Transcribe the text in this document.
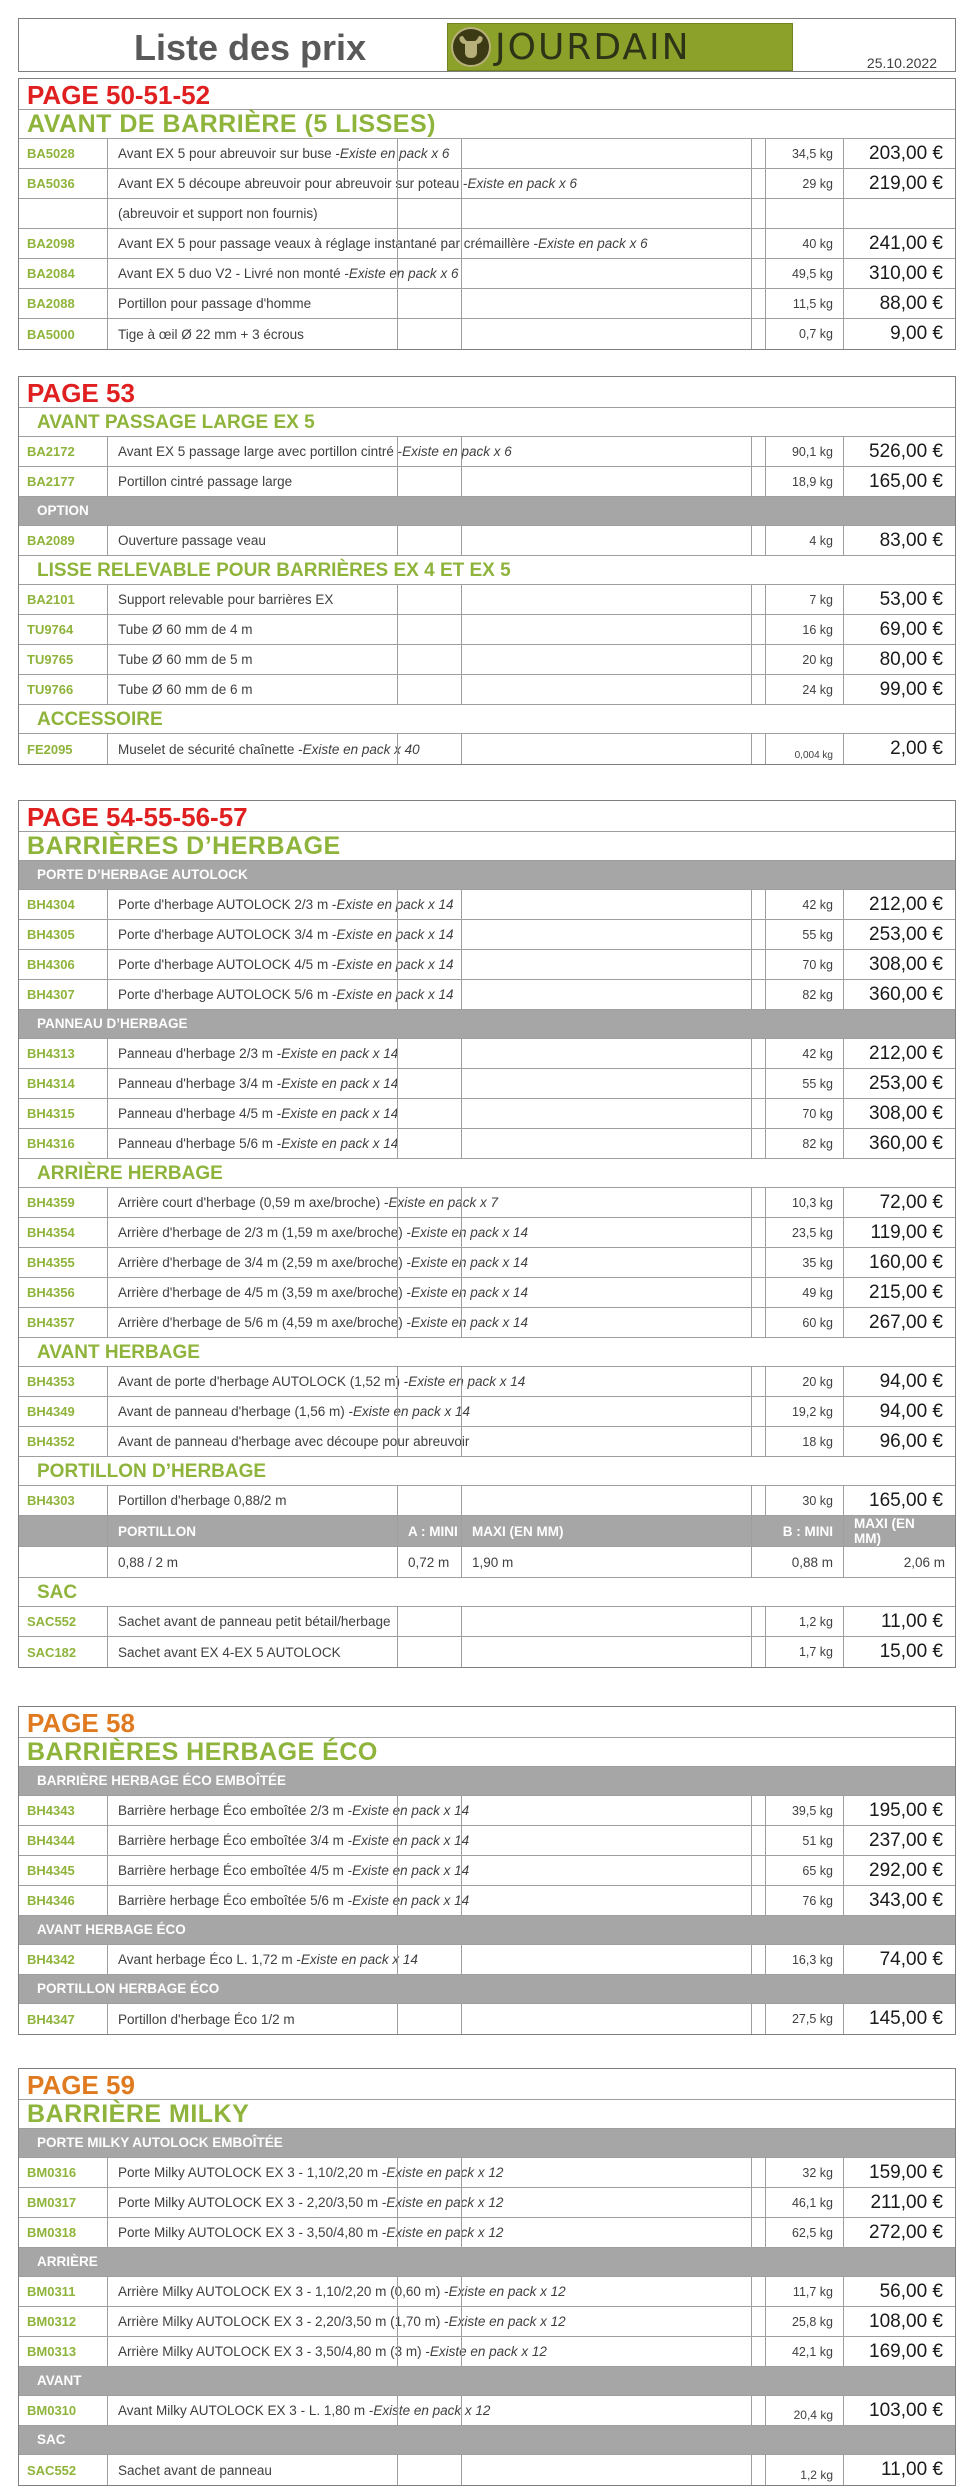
Liste des prix	JOURDAIN	25.10.2022
PAGE 50-51-52
AVANT DE BARRIÈRE (5 LISSES)
BA5028	Avant EX 5 pour abreuvoir sur buse - Existe en pack x 6	34,5 kg	203,00 €
BA5036	Avant EX 5 découpe abreuvoir pour abreuvoir sur poteau - Existe en pack x 6	29 kg	219,00 €
(abreuvoir et support non fournis)
BA2098	Avant EX 5 pour passage veaux à réglage instantané par crémaillère - Existe en pack x 6	40 kg	241,00 €
BA2084	Avant EX 5 duo V2 - Livré non monté - Existe en pack x 6	49,5 kg	310,00 €
BA2088	Portillon pour passage d'homme	11,5 kg	88,00 €
BA5000	Tige à œil Ø 22 mm + 3 écrous	0,7 kg	9,00 €
PAGE 53
AVANT PASSAGE LARGE EX 5
BA2172	Avant EX 5 passage large avec portillon cintré - Existe en pack x 6	90,1 kg	526,00 €
BA2177	Portillon cintré passage large	18,9 kg	165,00 €
OPTION
BA2089	Ouverture passage veau	4 kg	83,00 €
LISSE RELEVABLE POUR BARRIÈRES EX 4 ET EX 5
BA2101	Support relevable pour barrières EX	7 kg	53,00 €
TU9764	Tube Ø 60 mm de 4 m	16 kg	69,00 €
TU9765	Tube Ø 60 mm de 5 m	20 kg	80,00 €
TU9766	Tube Ø 60 mm de 6 m	24 kg	99,00 €
ACCESSOIRE
FE2095	Muselet de sécurité chaînette - Existe en pack x 40	0,004 kg	2,00 €
PAGE 54-55-56-57
BARRIÈRES D’HERBAGE
PORTE D’HERBAGE AUTOLOCK
BH4304	Porte d'herbage AUTOLOCK 2/3 m - Existe en pack x 14	42 kg	212,00 €
BH4305	Porte d'herbage AUTOLOCK 3/4 m - Existe en pack x 14	55 kg	253,00 €
BH4306	Porte d'herbage AUTOLOCK 4/5 m - Existe en pack x 14	70 kg	308,00 €
BH4307	Porte d'herbage AUTOLOCK 5/6 m - Existe en pack x 14	82 kg	360,00 €
PANNEAU D’HERBAGE
BH4313	Panneau d'herbage 2/3 m - Existe en pack x 14	42 kg	212,00 €
BH4314	Panneau d'herbage 3/4 m - Existe en pack x 14	55 kg	253,00 €
BH4315	Panneau d'herbage 4/5 m - Existe en pack x 14	70 kg	308,00 €
BH4316	Panneau d'herbage 5/6 m - Existe en pack x 14	82 kg	360,00 €
ARRIÈRE HERBAGE
BH4359	Arrière court d'herbage (0,59 m axe/broche) - Existe en pack x 7	10,3 kg	72,00 €
BH4354	Arrière d'herbage de 2/3 m (1,59 m axe/broche) - Existe en pack x 14	23,5 kg	119,00 €
BH4355	Arrière d'herbage de 3/4 m (2,59 m axe/broche) - Existe en pack x 14	35 kg	160,00 €
BH4356	Arrière d'herbage de 4/5 m (3,59 m axe/broche) - Existe en pack x 14	49 kg	215,00 €
BH4357	Arrière d'herbage de 5/6 m (4,59 m axe/broche) - Existe en pack x 14	60 kg	267,00 €
AVANT HERBAGE
BH4353	Avant de porte d'herbage AUTOLOCK (1,52 m) - Existe en pack x 14	20 kg	94,00 €
BH4349	Avant de panneau d'herbage (1,56 m) - Existe en pack x 14	19,2 kg	94,00 €
BH4352	Avant de panneau d'herbage avec découpe pour abreuvoir	18 kg	96,00 €
PORTILLON D’HERBAGE
BH4303	Portillon d'herbage 0,88/2 m	30 kg	165,00 €
PORTILLON	A : MINI	MAXI (EN MM)	B : MINI	MAXI (EN MM)
0,88 / 2 m	0,72 m	1,90 m	0,88 m	2,06 m
SAC
SAC552	Sachet avant de panneau petit bétail/herbage	1,2 kg	11,00 €
SAC182	Sachet avant EX 4-EX 5 AUTOLOCK	1,7 kg	15,00 €
PAGE 58
BARRIÈRES HERBAGE ÉCO
BARRIÈRE HERBAGE ÉCO EMBOÎTÉE
BH4343	Barrière herbage Éco emboîtée 2/3 m - Existe en pack x 14	39,5 kg	195,00 €
BH4344	Barrière herbage Éco emboîtée 3/4 m - Existe en pack x 14	51 kg	237,00 €
BH4345	Barrière herbage Éco emboîtée 4/5 m - Existe en pack x 14	65 kg	292,00 €
BH4346	Barrière herbage Éco emboîtée 5/6 m - Existe en pack x 14	76 kg	343,00 €
AVANT HERBAGE ÉCO
BH4342	Avant herbage Éco L. 1,72 m - Existe en pack x 14	16,3 kg	74,00 €
PORTILLON HERBAGE ÉCO
BH4347	Portillon d'herbage Éco 1/2 m	27,5 kg	145,00 €
PAGE 59
BARRIÈRE MILKY
PORTE MILKY AUTOLOCK EMBOÎTÉE
BM0316	Porte Milky AUTOLOCK EX 3 - 1,10/2,20 m - Existe en pack x 12	32 kg	159,00 €
BM0317	Porte Milky AUTOLOCK EX 3 - 2,20/3,50 m - Existe en pack x 12	46,1 kg	211,00 €
BM0318	Porte Milky AUTOLOCK EX 3 - 3,50/4,80 m - Existe en pack x 12	62,5 kg	272,00 €
ARRIÈRE
BM0311	Arrière Milky AUTOLOCK EX 3 - 1,10/2,20 m (0,60 m) - Existe en pack x 12	11,7 kg	56,00 €
BM0312	Arrière Milky AUTOLOCK EX 3 - 2,20/3,50 m (1,70 m) - Existe en pack x 12	25,8 kg	108,00 €
BM0313	Arrière Milky AUTOLOCK EX 3 - 3,50/4,80 m (3 m) - Existe en pack x 12	42,1 kg	169,00 €
AVANT
BM0310	Avant Milky AUTOLOCK EX 3 - L. 1,80 m - Existe en pack x 12	20,4 kg	103,00 €
SAC
SAC552	Sachet avant de panneau	1,2 kg	11,00 €
